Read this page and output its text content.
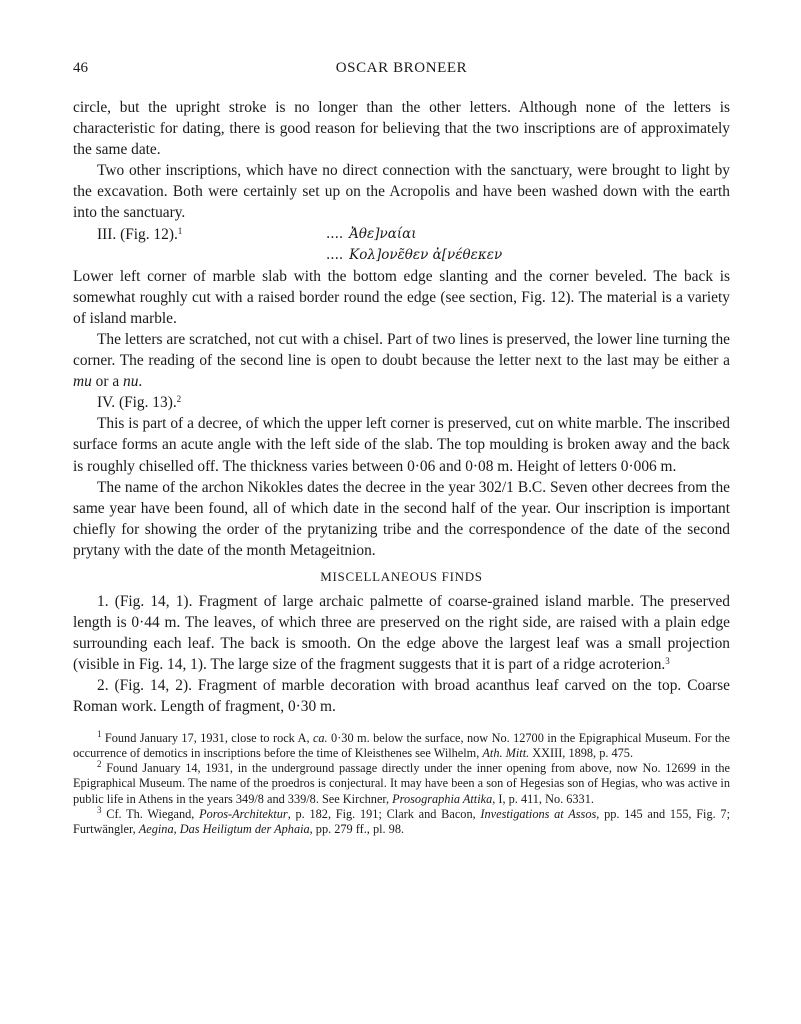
46	OSCAR BRONEER

circle, but the upright stroke is no longer than the other letters. Although none of the letters is characteristic for dating, there is good reason for believing that the two inscriptions are of approximately the same date.

Two other inscriptions, which have no direct connection with the sanctuary, were brought to light by the excavation. Both were certainly set up on the Acropolis and have been washed down with the earth into the sanctuary.

III. (Fig. 12).$^1$	.... Ἀθε]ναίαι
.... Κολ]ονε̃θεν ἀ[νέθεκεν

Lower left corner of marble slab with the bottom edge slanting and the corner beveled. The back is somewhat roughly cut with a raised border round the edge (see section, Fig. 12). The material is a variety of island marble.

The letters are scratched, not cut with a chisel. Part of two lines is preserved, the lower line turning the corner. The reading of the second line is open to doubt because the letter next to the last may be either a mu or a nu.

IV. (Fig. 13).$^2$

This is part of a decree, of which the upper left corner is preserved, cut on white marble. The inscribed surface forms an acute angle with the left side of the slab. The top moulding is broken away and the back is roughly chiselled off. The thickness varies between 0·06 and 0·08 m. Height of letters 0·006 m.

The name of the archon Nikokles dates the decree in the year 302/1 B.C. Seven other decrees from the same year have been found, all of which date in the second half of the year. Our inscription is important chiefly for showing the order of the prytanizing tribe and the correspondence of the date of the second prytany with the date of the month Metageitnion.

MISCELLANEOUS FINDS

1. (Fig. 14, 1). Fragment of large archaic palmette of coarse-grained island marble. The preserved length is 0·44 m. The leaves, of which three are preserved on the right side, are raised with a plain edge surrounding each leaf. The back is smooth. On the edge above the largest leaf was a small projection (visible in Fig. 14, 1). The large size of the fragment suggests that it is part of a ridge acroterion.$^3$

2. (Fig. 14, 2). Fragment of marble decoration with broad acanthus leaf carved on the top. Coarse Roman work. Length of fragment, 0·30 m.

$^1$ Found January 17, 1931, close to rock A, ca. 0·30 m. below the surface, now No. 12700 in the Epigraphical Museum. For the occurrence of demotics in inscriptions before the time of Kleisthenes see Wilhelm, Ath. Mitt. XXIII, 1898, p. 475.

$^2$ Found January 14, 1931, in the underground passage directly under the inner opening from above, now No. 12699 in the Epigraphical Museum. The name of the proedros is conjectural. It may have been a son of Hegesias son of Hegias, who was active in public life in Athens in the years 349/8 and 339/8. See Kirchner, Prosographia Attika, I, p. 411, No. 6331.

$^3$ Cf. Th. Wiegand, Poros-Architektur, p. 182, Fig. 191; Clark and Bacon, Investigations at Assos, pp. 145 and 155, Fig. 7; Furtwängler, Aegina, Das Heiligtum der Aphaia, pp. 279 ff., pl. 98.
